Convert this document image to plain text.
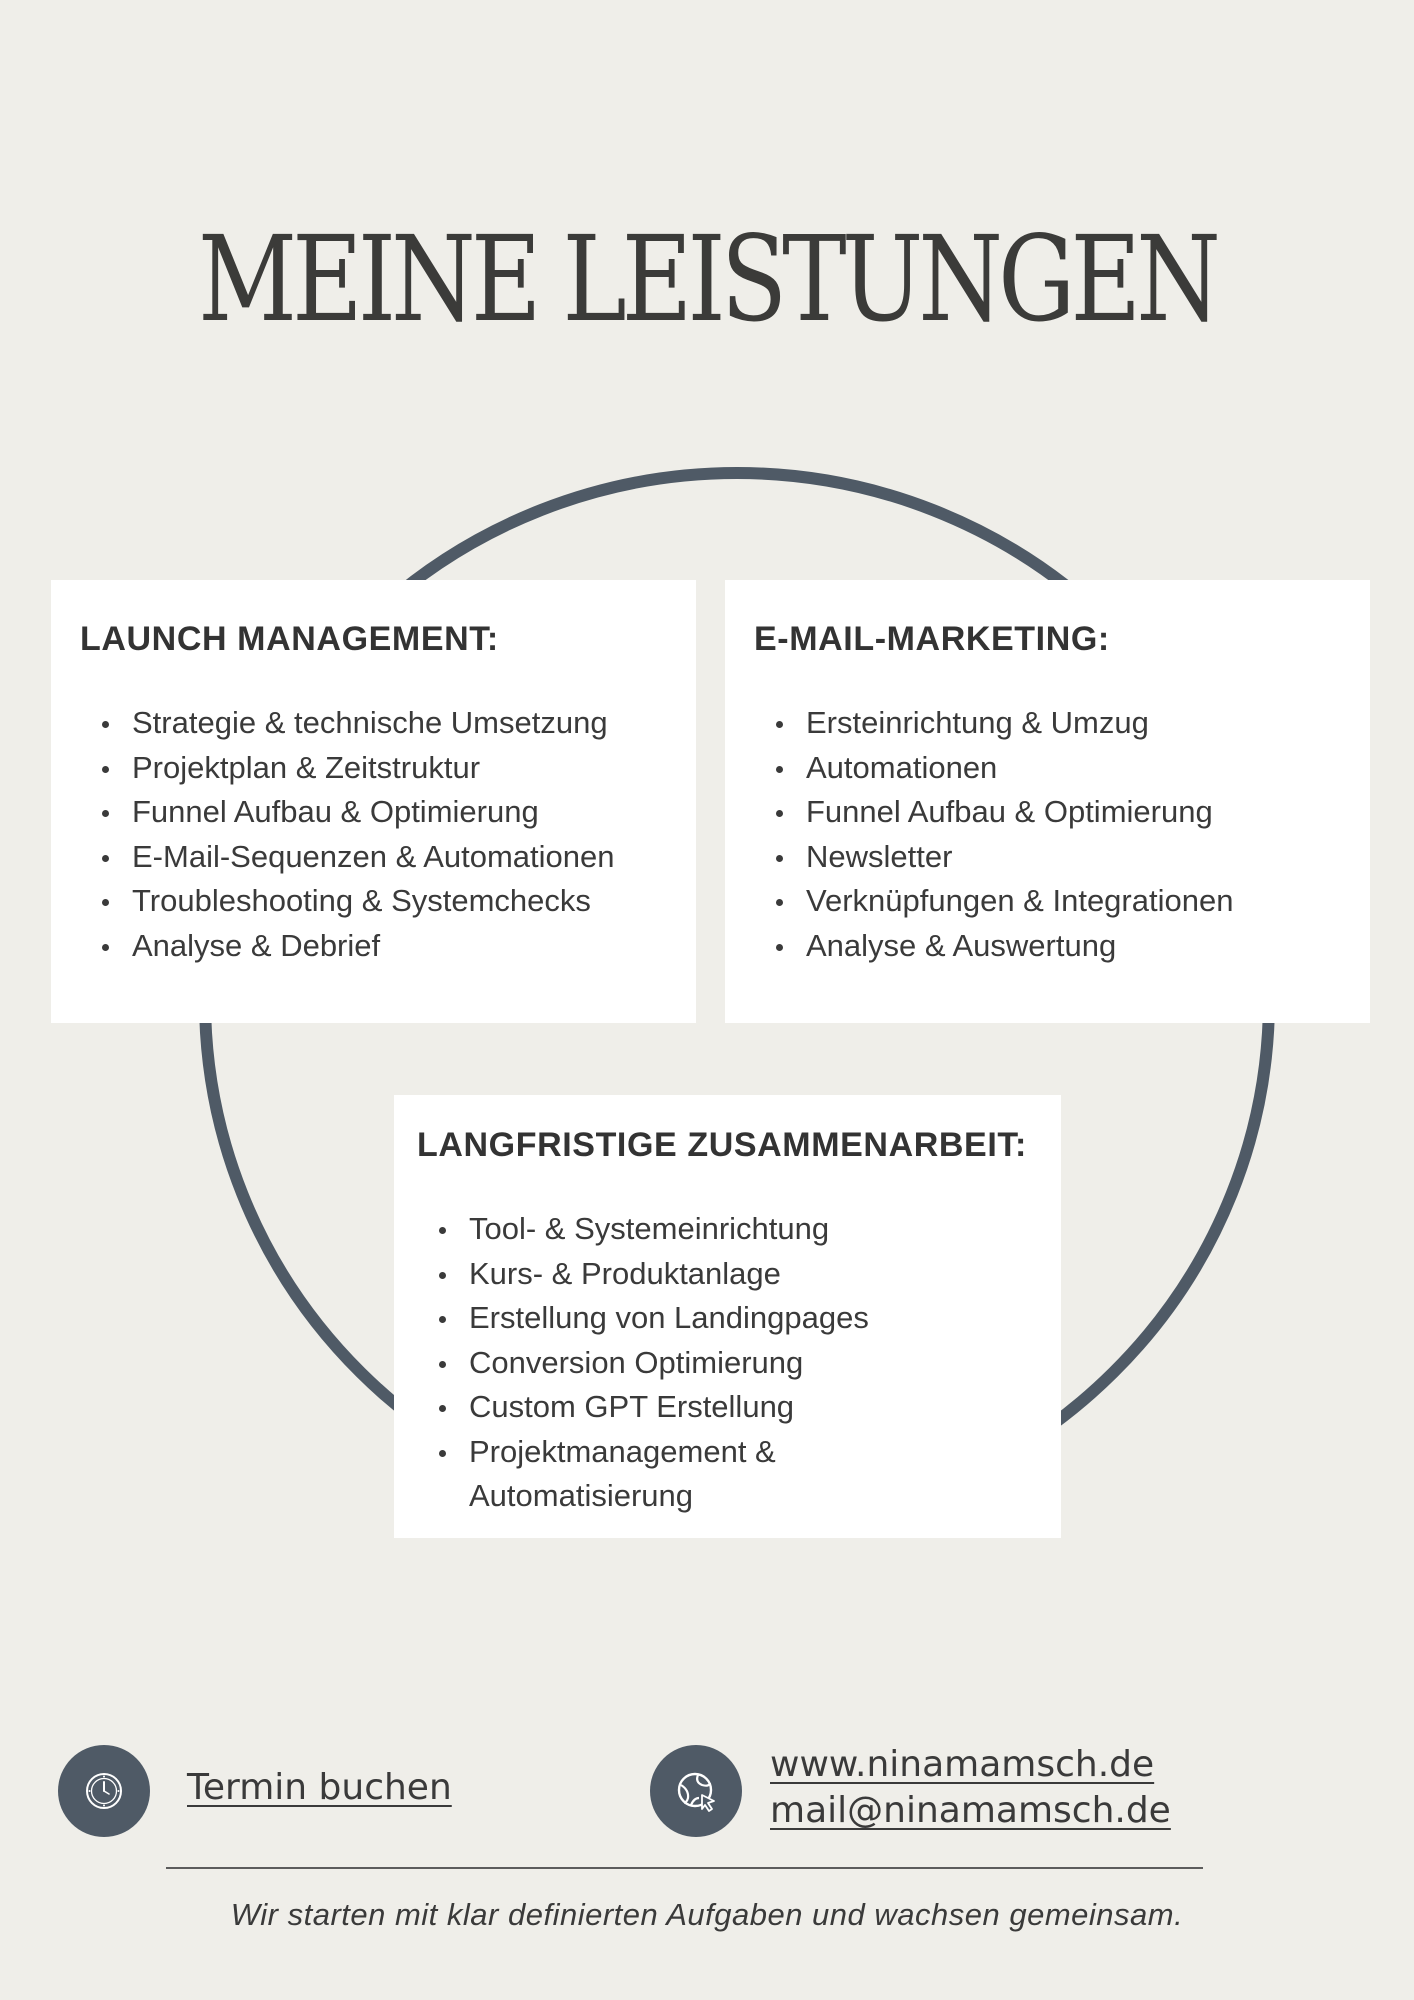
MEINE LEISTUNGEN
LAUNCH MANAGEMENT:
Strategie & technische Umsetzung
Projektplan & Zeitstruktur
Funnel Aufbau & Optimierung
E-Mail-Sequenzen & Automationen
Troubleshooting & Systemchecks
Analyse & Debrief
E-MAIL-MARKETING:
Ersteinrichtung & Umzug
Automationen
Funnel Aufbau & Optimierung
Newsletter
Verknüpfungen & Integrationen
Analyse & Auswertung
LANGFRISTIGE ZUSAMMENARBEIT:
Tool- & Systemeinrichtung
Kurs- & Produktanlage
Erstellung von Landingpages
Conversion Optimierung
Custom GPT Erstellung
Projektmanagement & Automatisierung
Termin buchen
www.ninamamsch.de
mail@ninamamsch.de
Wir starten mit klar definierten Aufgaben und wachsen gemeinsam.
